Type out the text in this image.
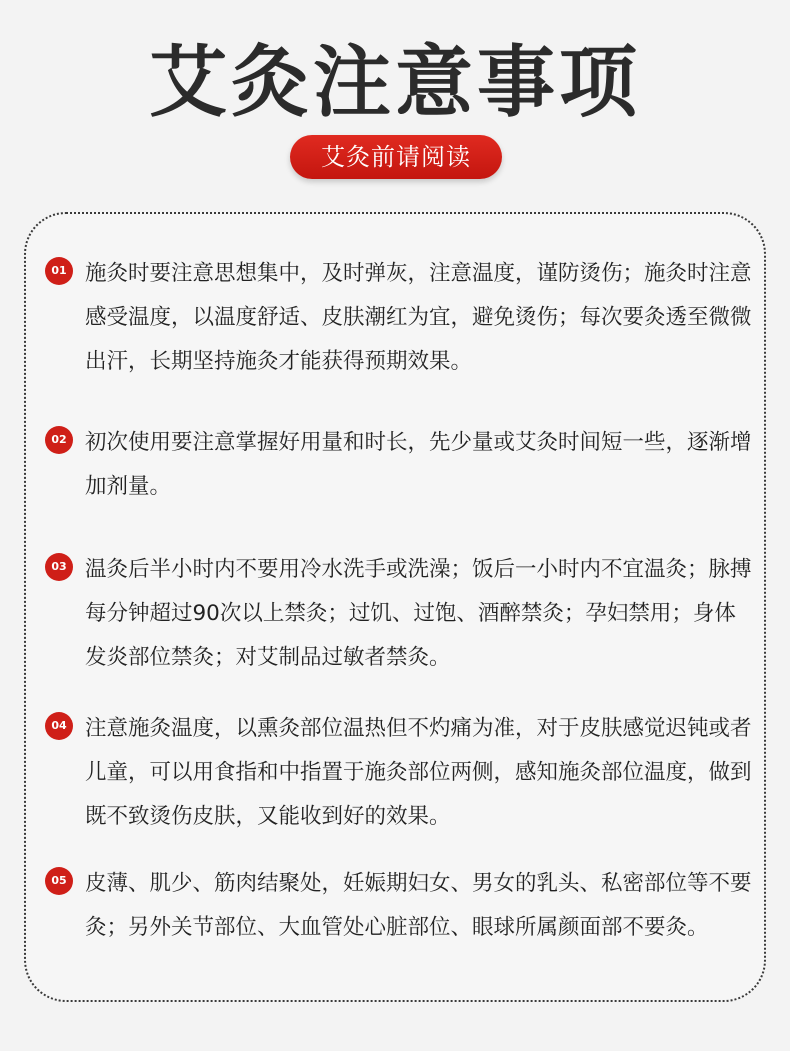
艾灸注意事项
艾灸前请阅读
01 施灸时要注意思想集中，及时弹灰，注意温度，谨防烫伤；施灸时注意感受温度，以温度舒适、皮肤潮红为宜，避免烫伤；每次要灸透至微微出汗，长期坚持施灸才能获得预期效果。
02 初次使用要注意掌握好用量和时长，先少量或艾灸时间短一些，逐渐增加剂量。
03 温灸后半小时内不要用冷水洗手或洗澡；饭后一小时内不宜温灸；脉搏每分钟超过90次以上禁灸；过饥、过饱、酒醉禁灸；孕妇禁用；身体发炎部位禁灸；对艾制品过敏者禁灸。
04 注意施灸温度，以熏灸部位温热但不灼痛为准，对于皮肤感觉迟钝或者儿童，可以用食指和中指置于施灸部位两侧，感知施灸部位温度，做到既不致烫伤皮肤，又能收到好的效果。
05 皮薄、肌少、筋肉结聚处，妊娠期妇女、男女的乳头、私密部位等不要灸；另外关节部位、大血管处心脏部位、眼球所属颜面部不要灸。
